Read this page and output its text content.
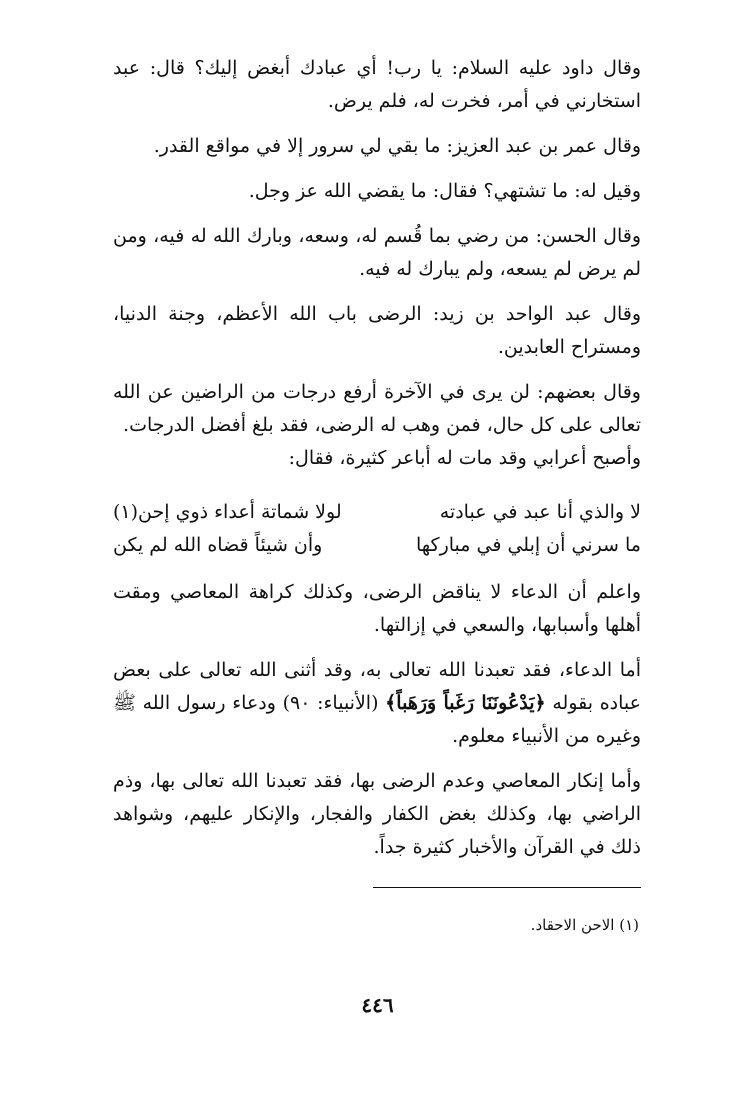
وقال داود عليه السلام: يا رب! أي عبادك أبغض إليك؟ قال: عبد استخارني في أمر، فخرت له، فلم يرض.

وقال عمر بن عبد العزيز: ما بقي لي سرور إلا في مواقع القدر.

وقيل له: ما تشتهي؟ فقال: ما يقضي الله عز وجل.

وقال الحسن: من رضي بما قُسم له، وسعه، وبارك الله له فيه، ومن لم يرض لم يسعه، ولم يبارك له فيه.

وقال عبد الواحد بن زيد: الرضى باب الله الأعظم، وجنة الدنيا، ومستراح العابدين.

وقال بعضهم: لن يرى في الآخرة أرفع درجات من الراضين عن الله تعالى على كل حال، فمن وهب له الرضى، فقد بلغ أفضل الدرجات.

وأصبح أعرابي وقد مات له أباعر كثيرة، فقال:

لا والذي أنا عبد في عبادته
لولا شماتة أعداء ذوي إحن(١)
ما سرني أن إبلي في مباركها
وأن شيئاً قضاه الله لم يكن

واعلم أن الدعاء لا يناقض الرضى، وكذلك كراهة المعاصي ومقت أهلها وأسبابها، والسعي في إزالتها.

أما الدعاء، فقد تعبدنا الله تعالى به، وقد أثنى الله تعالى على بعض عباده بقوله ﴿يَدْعُونَنَا رَغَباً وَرَهَباً﴾ (الأنبياء: ٩٠) ودعاء رسول الله ﷺ وغيره من الأنبياء معلوم.

وأما إنكار المعاصي وعدم الرضى بها، فقد تعبدنا الله تعالى بها، وذم الراضي بها، وكذلك بغض الكفار والفجار، والإنكار عليهم، وشواهد ذلك في القرآن والأخبار كثيرة جداً.

(١) الاحن الاحقاد.
٤٤٦
